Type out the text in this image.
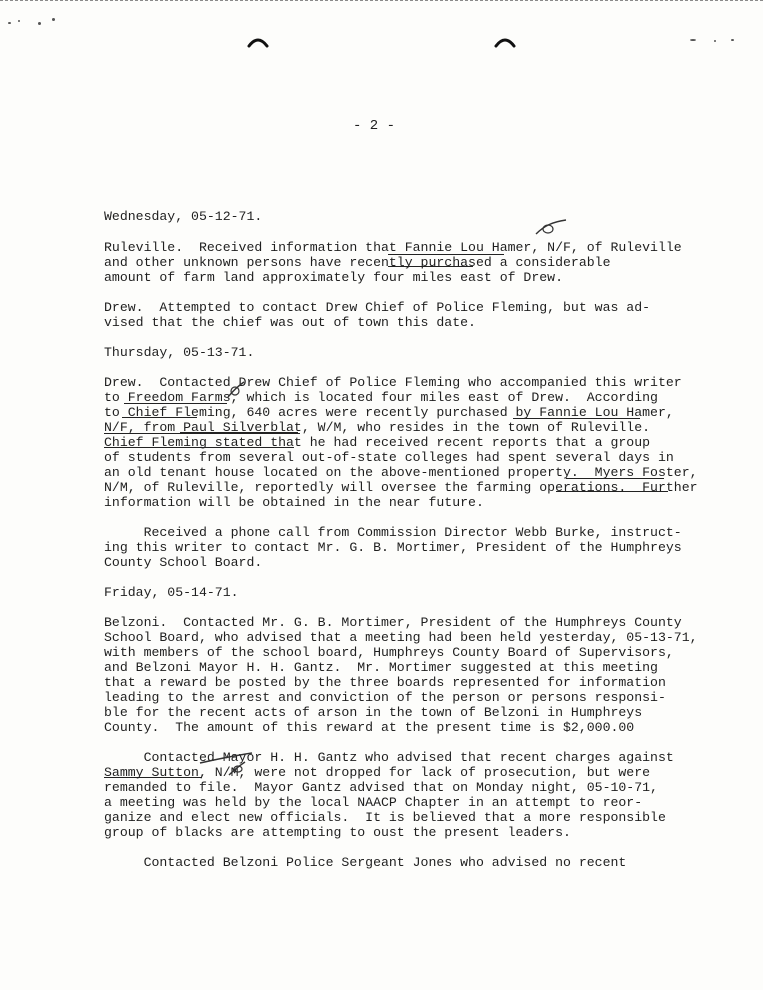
- 2 -
Wednesday, 05-12-71.
Ruleville.  Received information that Fannie Lou Hamer, N/F, of Ruleville
and other unknown persons have recently purchased a considerable
amount of farm land approximately four miles east of Drew.
Drew.  Attempted to contact Drew Chief of Police Fleming, but was ad-
vised that the chief was out of town this date.
Thursday, 05-13-71.
Drew.  Contacted Drew Chief of Police Fleming who accompanied this writer
to Freedom Farms, which is located four miles east of Drew.  According
to Chief Fleming, 640 acres were recently purchased by Fannie Lou Hamer,
N/F, from Paul Silverblat, W/M, who resides in the town of Ruleville.
Chief Fleming stated that he had received recent reports that a group
of students from several out-of-state colleges had spent several days in
an old tenant house located on the above-mentioned property.  Myers Foster,
N/M, of Ruleville, reportedly will oversee the farming operations.  Further
information will be obtained in the near future.
Received a phone call from Commission Director Webb Burke, instruct-
ing this writer to contact Mr. G. B. Mortimer, President of the Humphreys
County School Board.
Friday, 05-14-71.
Belzoni.  Contacted Mr. G. B. Mortimer, President of the Humphreys County
School Board, who advised that a meeting had been held yesterday, 05-13-71,
with members of the school board, Humphreys County Board of Supervisors,
and Belzoni Mayor H. H. Gantz.  Mr. Mortimer suggested at this meeting
that a reward be posted by the three boards represented for information
leading to the arrest and conviction of the person or persons responsi-
ble for the recent acts of arson in the town of Belzoni in Humphreys
County.  The amount of this reward at the present time is $2,000.00
Contacted Mayor H. H. Gantz who advised that recent charges against
Sammy Sutton, N/M, were not dropped for lack of prosecution, but were
remanded to file.  Mayor Gantz advised that on Monday night, 05-10-71,
a meeting was held by the local NAACP Chapter in an attempt to reor-
ganize and elect new officials.  It is believed that a more responsible
group of blacks are attempting to oust the present leaders.
Contacted Belzoni Police Sergeant Jones who advised no recent
